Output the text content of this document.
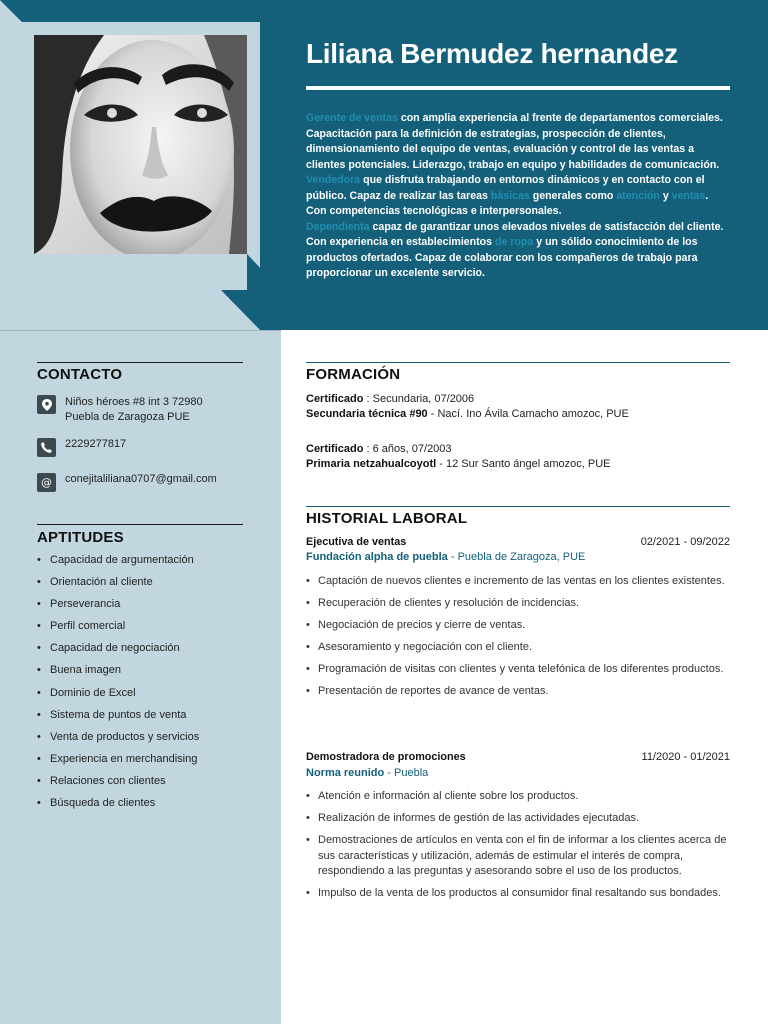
Liliana Bermudez hernandez
Gerente de ventas con amplia experiencia al frente de departamentos comerciales. Capacitación para la definición de estrategias, prospección de clientes, dimensionamiento del equipo de ventas, evaluación y control de las ventas a clientes potenciales. Liderazgo, trabajo en equipo y habilidades de comunicación.
Vendedora que disfruta trabajando en entornos dinámicos y en contacto con el público. Capaz de realizar las tareas básicas generales como atención y ventas. Con competencias tecnológicas e interpersonales.
Dependienta capaz de garantizar unos elevados niveles de satisfacción del cliente. Con experiencia en establecimientos de ropa y un sólido conocimiento de los productos ofertados. Capaz de colaborar con los compañeros de trabajo para proporcionar un excelente servicio.
CONTACTO
Niños héroes #8 int 3 72980
Puebla de Zaragoza PUE
2229277817
@	conejitaliliana0707@gmail.com
APTITUDES
• Capacidad de argumentación
• Orientación al cliente
• Perseverancia
• Perfil comercial
• Capacidad de negociación
• Buena imagen
• Dominio de Excel
• Sistema de puntos de venta
• Venta de productos y servicios
• Experiencia en merchandising
• Relaciones con clientes
• Búsqueda de clientes
FORMACIÓN
Certificado : Secundaria, 07/2006
Secundaria técnica #90 - Nací. Ino Ávila Camacho amozoc, PUE
Certificado : 6 años, 07/2003
Primaria netzahualcoyotl - 12 Sur Santo ángel amozoc, PUE
HISTORIAL LABORAL
Ejecutiva de ventas	02/2021 - 09/2022
Fundación alpha de puebla - Puebla de Zaragoza, PUE
• Captación de nuevos clientes e incremento de las ventas en los clientes existentes.
• Recuperación de clientes y resolución de incidencias.
• Negociación de precios y cierre de ventas.
• Asesoramiento y negociación con el cliente.
• Programación de visitas con clientes y venta telefónica de los diferentes productos.
• Presentación de reportes de avance de ventas.
Demostradora de promociones	11/2020 - 01/2021
Norma reunido - Puebla
• Atención e información al cliente sobre los productos.
• Realización de informes de gestión de las actividades ejecutadas.
• Demostraciones de artículos en venta con el fin de informar a los clientes acerca de sus características y utilización, además de estimular el interés de compra, respondiendo a las preguntas y asesorando sobre el uso de los productos.
• Impulso de la venta de los productos al consumidor final resaltando sus bondades.
